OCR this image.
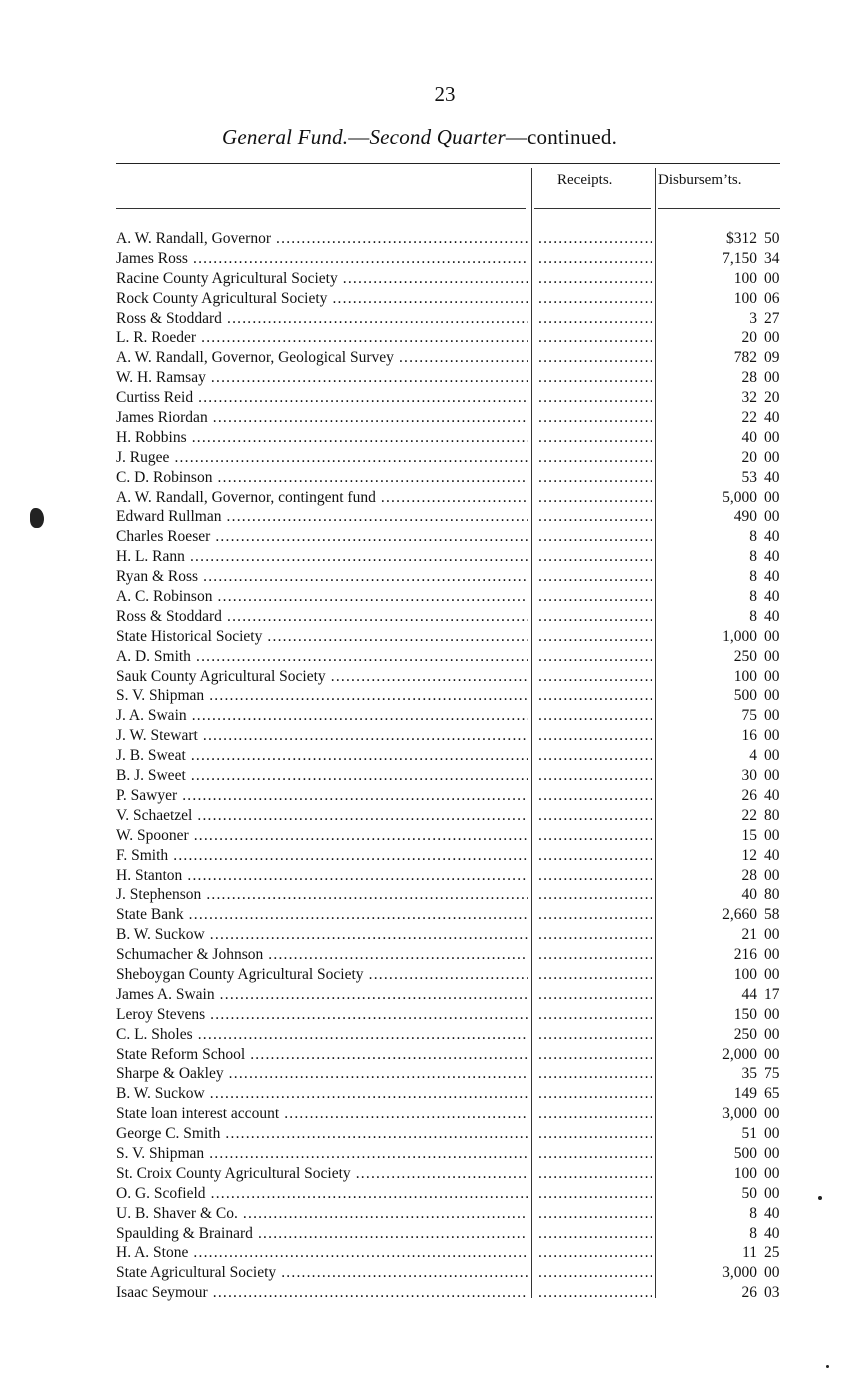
23
General Fund.—Second Quarter—continued.
Receipts.	Disbursem’ts.
A. W. Randall, Governor ..... .....	$312 50
James Ross ..... .....	7,150 34
Racine County Agricultural Society ..... .....	100 00
Rock County Agricultural Society ..... .....	100 06
Ross & Stoddard ..... .....	3 27
L. R. Roeder ..... .....	20 00
A. W. Randall, Governor, Geological Survey ..... .....	782 09
W. H. Ramsay ..... .....	28 00
Curtiss Reid ..... .....	32 20
James Riordan ..... .....	22 40
H. Robbins ..... .....	40 00
J. Rugee ..... .....	20 00
C. D. Robinson ..... .....	53 40
A. W. Randall, Governor, contingent fund ..... .....	5,000 00
Edward Rullman ..... .....	490 00
Charles Roeser ..... .....	8 40
H. L. Rann ..... .....	8 40
Ryan & Ross ..... .....	8 40
A. C. Robinson ..... .....	8 40
Ross & Stoddard ..... .....	8 40
State Historical Society ..... .....	1,000 00
A. D. Smith ..... .....	250 00
Sauk County Agricultural Society ..... .....	100 00
S. V. Shipman ..... .....	500 00
J. A. Swain ..... .....	75 00
J. W. Stewart ..... .....	16 00
J. B. Sweat ..... .....	4 00
B. J. Sweet ..... .....	30 00
P. Sawyer ..... .....	26 40
V. Schaetzel ..... .....	22 80
W. Spooner ..... .....	15 00
F. Smith ..... .....	12 40
H. Stanton ..... .....	28 00
J. Stephenson ..... .....	40 80
State Bank ..... .....	2,660 58
B. W. Suckow ..... .....	21 00
Schumacher & Johnson ..... .....	216 00
Sheboygan County Agricultural Society ..... .....	100 00
James A. Swain ..... .....	44 17
Leroy Stevens ..... .....	150 00
C. L. Sholes ..... .....	250 00
State Reform School ..... .....	2,000 00
Sharpe & Oakley ..... .....	35 75
B. W. Suckow ..... .....	149 65
State loan interest account ..... .....	3,000 00
George C. Smith ..... .....	51 00
S. V. Shipman ..... .....	500 00
St. Croix County Agricultural Society ..... .....	100 00
O. G. Scofield ..... .....	50 00
U. B. Shaver & Co. ..... .....	8 40
Spaulding & Brainard ..... .....	8 40
H. A. Stone ..... .....	11 25
State Agricultural Society ..... .....	3,000 00
Isaac Seymour ..... .....	26 03
